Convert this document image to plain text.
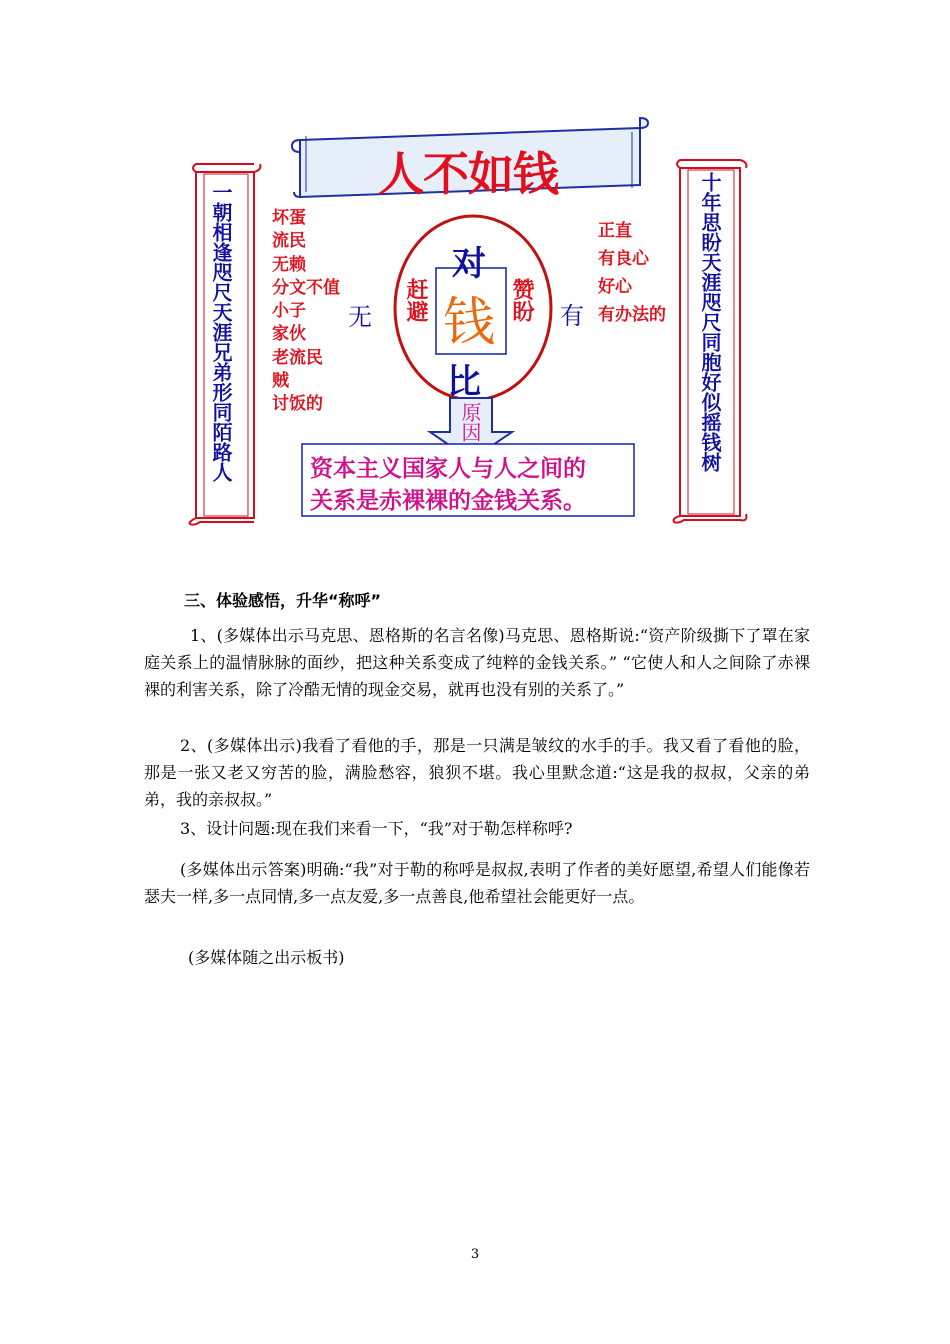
人不如钱
一朝相逢咫尺天涯兄弟形同陌路人	十年思盼天涯咫尺同胞好似摇钱树
坏蛋
流民
无赖
分文不值
小子
家伙
老流民
贼
讨饭的
正直
有良心
好心
有办法的
无	有
对
钱
比
赶避	赞盼
原因
资本主义国家人与人之间的
关系是赤裸裸的金钱关系。
三、体验感悟，升华“称呼”
1、(多媒体出示马克思、恩格斯的名言名像)马克思、恩格斯说:“资产阶级撕下了罩在家庭关系上的温情脉脉的面纱，把这种关系变成了纯粹的金钱关系。” “它使人和人之间除了赤裸裸的利害关系，除了冷酷无情的现金交易，就再也没有别的关系了。”
2、(多媒体出示)我看了看他的手，那是一只满是皱纹的水手的手。我又看了看他的脸，那是一张又老又穷苦的脸，满脸愁容，狼狈不堪。我心里默念道:“这是我的叔叔，父亲的弟弟，我的亲叔叔。”
3、设计问题:现在我们来看一下，“我”对于勒怎样称呼?
(多媒体出示答案)明确:“我”对于勒的称呼是叔叔,表明了作者的美好愿望,希望人们能像若瑟夫一样,多一点同情,多一点友爱,多一点善良,他希望社会能更好一点。
(多媒体随之出示板书)
3
